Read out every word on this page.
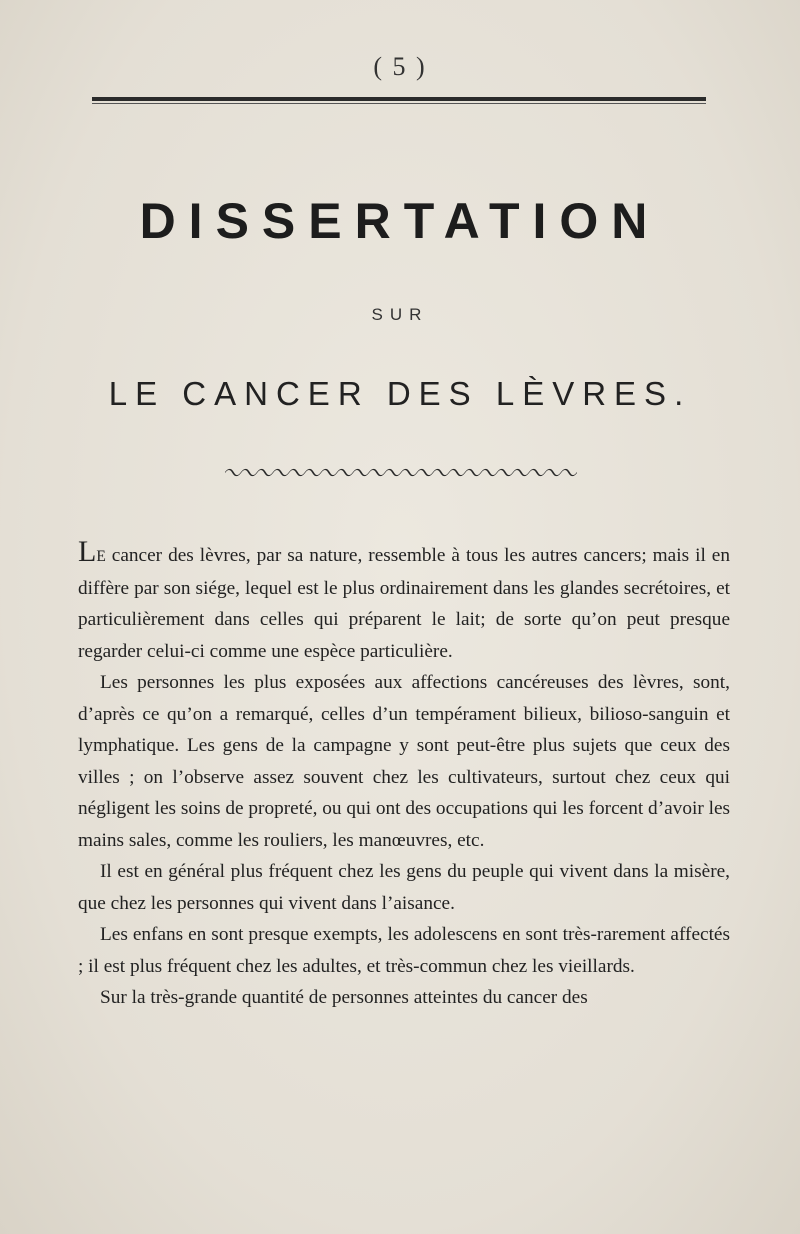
( 5 )
DISSERTATION
SUR
LE CANCER DES LÈVRES.

LE cancer des lèvres, par sa nature, ressemble à tous les autres cancers; mais il en diffère par son siége, lequel est le plus ordinairement dans les glandes secrétoires, et particulièrement dans celles qui préparent le lait; de sorte qu’on peut presque regarder celui-ci comme une espèce particulière.

Les personnes les plus exposées aux affections cancéreuses des lèvres, sont, d’après ce qu’on a remarqué, celles d’un tempérament bilieux, bilioso-sanguin et lymphatique. Les gens de la campagne y sont peut-être plus sujets que ceux des villes ; on l’observe assez souvent chez les cultivateurs, surtout chez ceux qui négligent les soins de propreté, ou qui ont des occupations qui les forcent d’avoir les mains sales, comme les rouliers, les manœuvres, etc.

Il est en général plus fréquent chez les gens du peuple qui vivent dans la misère, que chez les personnes qui vivent dans l’aisance.

Les enfans en sont presque exempts, les adolescens en sont très-rarement affectés ; il est plus fréquent chez les adultes, et très-commun chez les vieillards.

Sur la très-grande quantité de personnes atteintes du cancer des
